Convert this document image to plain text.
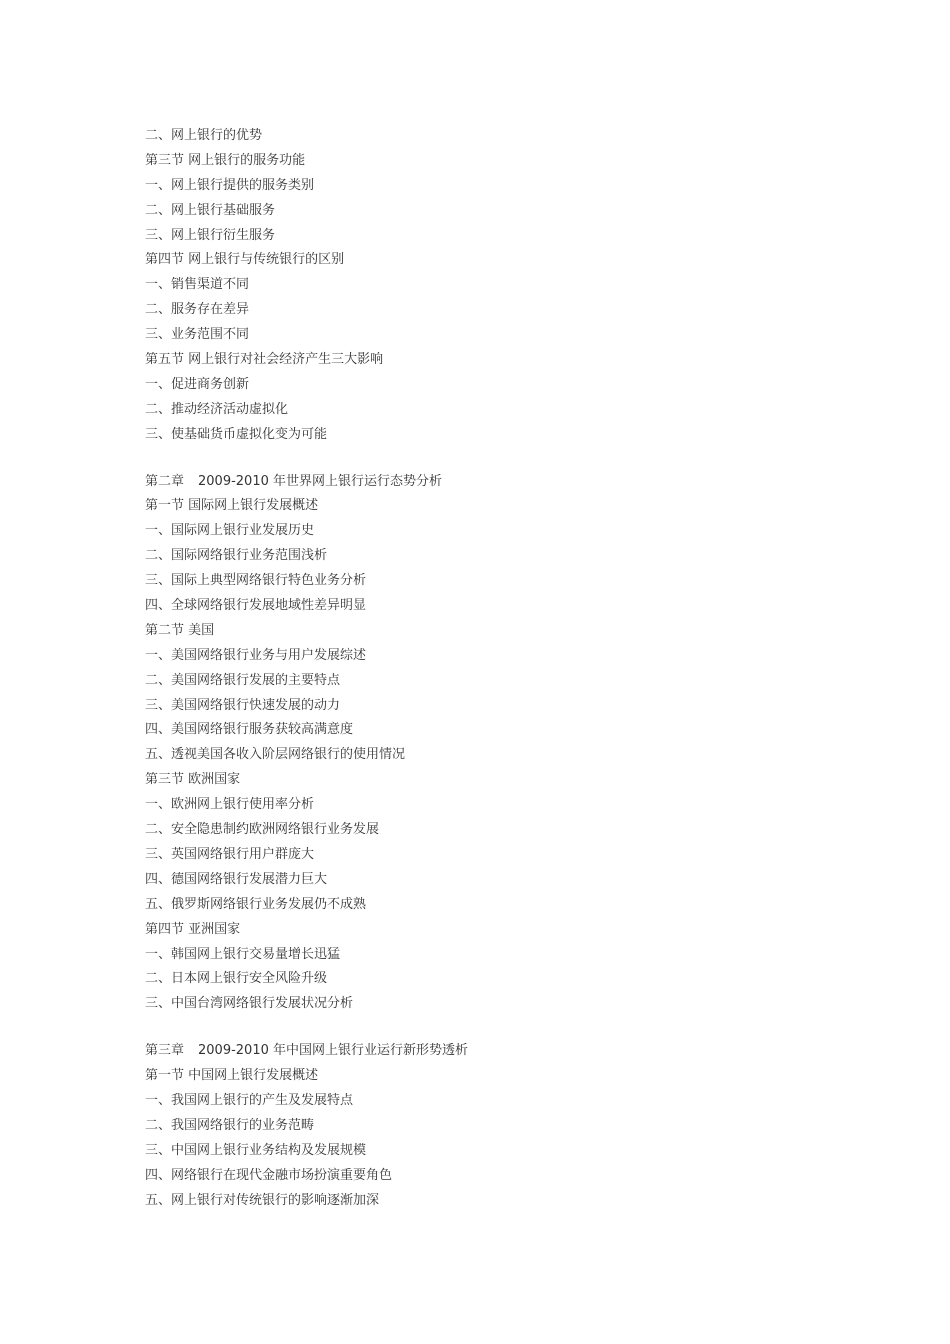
二、网上银行的优势
第三节 网上银行的服务功能
一、网上银行提供的服务类别
二、网上银行基础服务
三、网上银行衍生服务
第四节 网上银行与传统银行的区别
一、销售渠道不同
二、服务存在差异
三、业务范围不同
第五节 网上银行对社会经济产生三大影响
一、促进商务创新
二、推动经济活动虚拟化
三、使基础货币虚拟化变为可能
第二章 2009-2010 年世界网上银行运行态势分析
第一节 国际网上银行发展概述
一、国际网上银行业发展历史
二、国际网络银行业务范围浅析
三、国际上典型网络银行特色业务分析
四、全球网络银行发展地域性差异明显
第二节 美国
一、美国网络银行业务与用户发展综述
二、美国网络银行发展的主要特点
三、美国网络银行快速发展的动力
四、美国网络银行服务获较高满意度
五、透视美国各收入阶层网络银行的使用情况
第三节 欧洲国家
一、欧洲网上银行使用率分析
二、安全隐患制约欧洲网络银行业务发展
三、英国网络银行用户群庞大
四、德国网络银行发展潜力巨大
五、俄罗斯网络银行业务发展仍不成熟
第四节 亚洲国家
一、韩国网上银行交易量增长迅猛
二、日本网上银行安全风险升级
三、中国台湾网络银行发展状况分析
第三章 2009-2010 年中国网上银行业运行新形势透析
第一节 中国网上银行发展概述
一、我国网上银行的产生及发展特点
二、我国网络银行的业务范畴
三、中国网上银行业务结构及发展规模
四、网络银行在现代金融市场扮演重要角色
五、网上银行对传统银行的影响逐渐加深
